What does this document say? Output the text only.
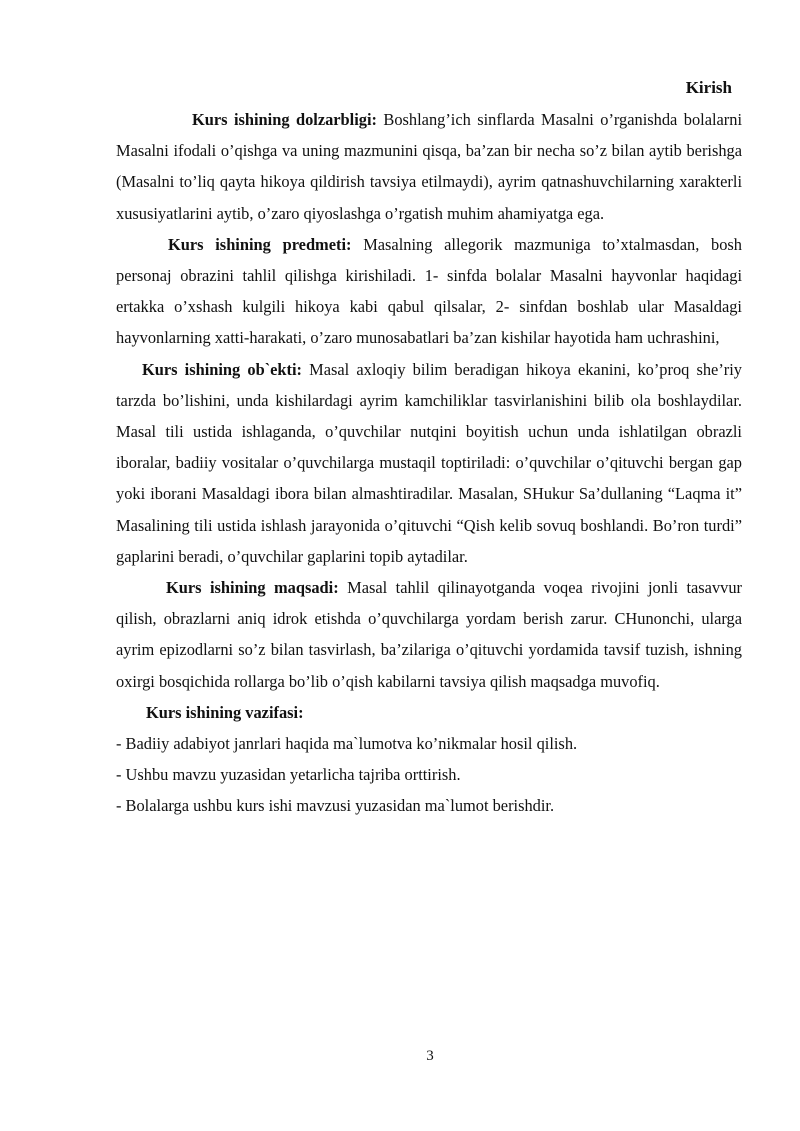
Kirish

Kurs ishining dolzarbligi: Boshlang’ich sinflarda Masalni o’rganishda bolalarni Masalni ifodali o’qishga va uning mazmunini qisqa, ba’zan bir necha so’z bilan aytib berishga (Masalni to’liq qayta hikoya qildirish tavsiya etilmaydi), ayrim qatnashuvchilarning xarakterli xususiyatlarini aytib, o’zaro qiyoslashga o’rgatish muhim ahamiyatga ega.

Kurs ishining predmeti: Masalning allegorik mazmuniga to’xtalmasdan, bosh personaj obrazini tahlil qilishga kirishiladi. 1- sinfda bolalar Masalni hayvonlar haqidagi ertakka o’xshash kulgili hikoya kabi qabul qilsalar, 2- sinfdan boshlab ular Masaldagi hayvonlarning xatti-harakati, o’zaro munosabatlari ba’zan kishilar hayotida ham uchrashini,

Kurs ishining ob`ekti: Masal axloqiy bilim beradigan hikoya ekanini, ko’proq she’riy tarzda bo’lishini, unda kishilardagi ayrim kamchiliklar tasvirlanishini bilib ola boshlaydilar. Masal tili ustida ishlaganda, o’quvchilar nutqini boyitish uchun unda ishlatilgan obrazli iboralar, badiiy vositalar o’quvchilarga mustaqil toptiriladi: o’quvchilar o’qituvchi bergan gap yoki iborani Masaldagi ibora bilan almashtiradilar. Masalan, SHukur Sa’dullaning “Laqma it” Masalining tili ustida ishlash jarayonida o’qituvchi “Qish kelib sovuq boshlandi. Bo’ron turdi” gaplarini beradi, o’quvchilar gaplarini topib aytadilar.

Kurs ishining maqsadi: Masal tahlil qilinayotganda voqea rivojini jonli tasavvur qilish, obrazlarni aniq idrok etishda o’quvchilarga yordam berish zarur. CHunonchi, ularga ayrim epizodlarni so’z bilan tasvirlash, ba’zilariga o’qituvchi yordamida tavsif tuzish, ishning oxirgi bosqichida rollarga bo’lib o’qish kabilarni tavsiya qilish maqsadga muvofiq.

Kurs ishining vazifasi:

- Badiiy adabiyot janrlari haqida ma`lumotva ko’nikmalar hosil qilish.

- Ushbu mavzu yuzasidan yetarlicha tajriba orttirish.

- Bolalarga ushbu kurs ishi mavzusi yuzasidan ma`lumot berishdir.

3
